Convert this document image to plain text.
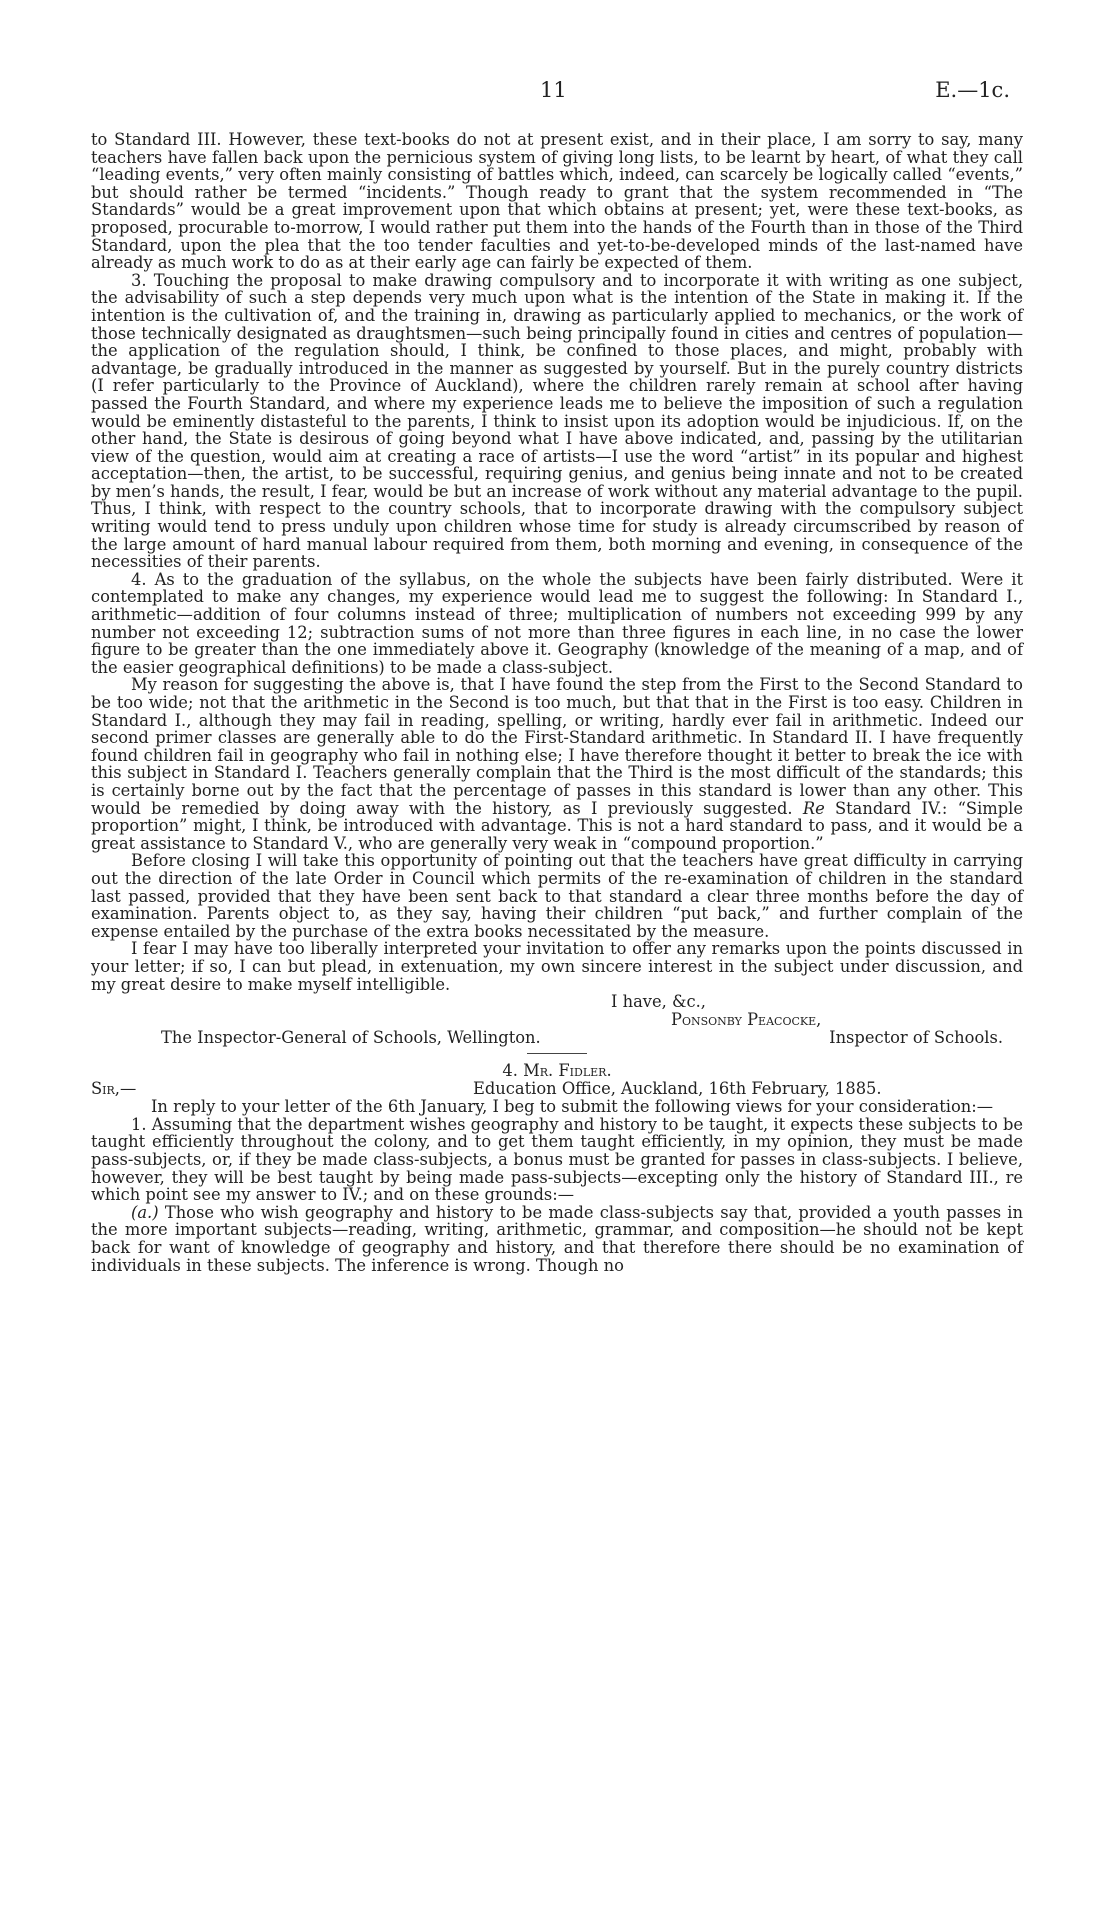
11	E.—1c.

to Standard III. However, these text-books do not at present exist, and in their place, I am sorry to say, many teachers have fallen back upon the pernicious system of giving long lists, to be learnt by heart, of what they call “leading events,” very often mainly consisting of battles which, indeed, can scarcely be logically called “events,” but should rather be termed “incidents.” Though ready to grant that the system recommended in “The Standards” would be a great improvement upon that which obtains at present; yet, were these text-books, as proposed, procurable to-morrow, I would rather put them into the hands of the Fourth than in those of the Third Standard, upon the plea that the too tender faculties and yet-to-be-developed minds of the last-named have already as much work to do as at their early age can fairly be expected of them.

3. Touching the proposal to make drawing compulsory and to incorporate it with writing as one subject, the advisability of such a step depends very much upon what is the intention of the State in making it. If the intention is the cultivation of, and the training in, drawing as particularly applied to mechanics, or the work of those technically designated as draughtsmen—such being principally found in cities and centres of population—the application of the regulation should, I think, be confined to those places, and might, probably with advantage, be gradually introduced in the manner as suggested by yourself. But in the purely country districts (I refer particularly to the Province of Auckland), where the children rarely remain at school after having passed the Fourth Standard, and where my experience leads me to believe the imposition of such a regulation would be eminently distasteful to the parents, I think to insist upon its adoption would be injudicious. If, on the other hand, the State is desirous of going beyond what I have above indicated, and, passing by the utilitarian view of the question, would aim at creating a race of artists—I use the word “artist” in its popular and highest acceptation—then, the artist, to be successful, requiring genius, and genius being innate and not to be created by men’s hands, the result, I fear, would be but an increase of work without any material advantage to the pupil. Thus, I think, with respect to the country schools, that to incorporate drawing with the compulsory subject writing would tend to press unduly upon children whose time for study is already circumscribed by reason of the large amount of hard manual labour required from them, both morning and evening, in consequence of the necessities of their parents.

4. As to the graduation of the syllabus, on the whole the subjects have been fairly distributed. Were it contemplated to make any changes, my experience would lead me to suggest the following: In Standard I., arithmetic—addition of four columns instead of three; multiplication of numbers not exceeding 999 by any number not exceeding 12; subtraction sums of not more than three figures in each line, in no case the lower figure to be greater than the one immediately above it. Geography (knowledge of the meaning of a map, and of the easier geographical definitions) to be made a class-subject.

My reason for suggesting the above is, that I have found the step from the First to the Second Standard to be too wide; not that the arithmetic in the Second is too much, but that that in the First is too easy. Children in Standard I., although they may fail in reading, spelling, or writing, hardly ever fail in arithmetic. Indeed our second primer classes are generally able to do the First-Standard arithmetic. In Standard II. I have frequently found children fail in geography who fail in nothing else; I have therefore thought it better to break the ice with this subject in Standard I. Teachers generally complain that the Third is the most difficult of the standards; this is certainly borne out by the fact that the percentage of passes in this standard is lower than any other. This would be remedied by doing away with the history, as I previously suggested. Re Standard IV.: “Simple proportion” might, I think, be introduced with advantage. This is not a hard standard to pass, and it would be a great assistance to Standard V., who are generally very weak in “compound proportion.”

Before closing I will take this opportunity of pointing out that the teachers have great difficulty in carrying out the direction of the late Order in Council which permits of the re-examination of children in the standard last passed, provided that they have been sent back to that standard a clear three months before the day of examination. Parents object to, as they say, having their children “put back,” and further complain of the expense entailed by the purchase of the extra books necessitated by the measure.

I fear I may have too liberally interpreted your invitation to offer any remarks upon the points discussed in your letter; if so, I can but plead, in extenuation, my own sincere interest in the subject under discussion, and my great desire to make myself intelligible.

I have, &c.,
Ponsonby Peacocke,
The Inspector-General of Schools, Wellington.	Inspector of Schools.
4. Mr. Fidler.
Sir,—	Education Office, Auckland, 16th February, 1885.

In reply to your letter of the 6th January, I beg to submit the following views for your consideration:—

1. Assuming that the department wishes geography and history to be taught, it expects these subjects to be taught efficiently throughout the colony, and to get them taught efficiently, in my opinion, they must be made pass-subjects, or, if they be made class-subjects, a bonus must be granted for passes in class-subjects. I believe, however, they will be best taught by being made pass-subjects—excepting only the history of Standard III., re which point see my answer to IV.; and on these grounds:—

(a.) Those who wish geography and history to be made class-subjects say that, provided a youth passes in the more important subjects—reading, writing, arithmetic, grammar, and composition—he should not be kept back for want of knowledge of geography and history, and that therefore there should be no examination of individuals in these subjects. The inference is wrong. Though no
